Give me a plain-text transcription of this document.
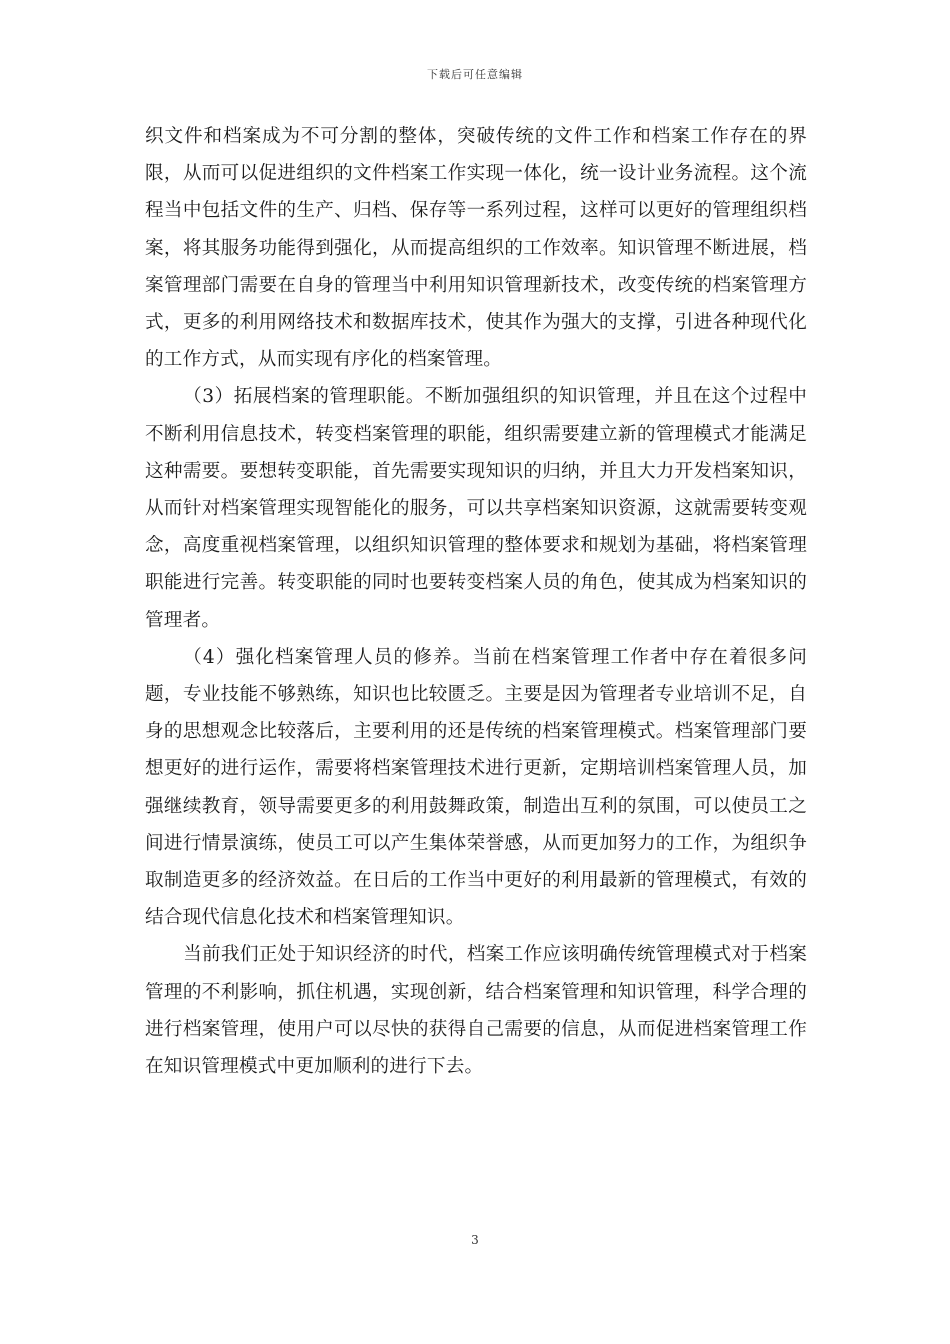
下载后可任意编辑

织文件和档案成为不可分割的整体，突破传统的文件工作和档案工作存在的界限，从而可以促进组织的文件档案工作实现一体化，统一设计业务流程。这个流程当中包括文件的生产、归档、保存等一系列过程，这样可以更好的管理组织档案，将其服务功能得到强化，从而提高组织的工作效率。知识管理不断进展，档案管理部门需要在自身的管理当中利用知识管理新技术，改变传统的档案管理方式，更多的利用网络技术和数据库技术，使其作为强大的支撑，引进各种现代化的工作方式，从而实现有序化的档案管理。

（3）拓展档案的管理职能。不断加强组织的知识管理，并且在这个过程中不断利用信息技术，转变档案管理的职能，组织需要建立新的管理模式才能满足这种需要。要想转变职能，首先需要实现知识的归纳，并且大力开发档案知识，从而针对档案管理实现智能化的服务，可以共享档案知识资源，这就需要转变观念，高度重视档案管理，以组织知识管理的整体要求和规划为基础，将档案管理职能进行完善。转变职能的同时也要转变档案人员的角色，使其成为档案知识的管理者。

（4）强化档案管理人员的修养。当前在档案管理工作者中存在着很多问题，专业技能不够熟练，知识也比较匮乏。主要是因为管理者专业培训不足，自身的思想观念比较落后，主要利用的还是传统的档案管理模式。档案管理部门要想更好的进行运作，需要将档案管理技术进行更新，定期培训档案管理人员，加强继续教育，领导需要更多的利用鼓舞政策，制造出互利的氛围，可以使员工之间进行情景演练，使员工可以产生集体荣誉感，从而更加努力的工作，为组织争取制造更多的经济效益。在日后的工作当中更好的利用最新的管理模式，有效的结合现代信息化技术和档案管理知识。

当前我们正处于知识经济的时代，档案工作应该明确传统管理模式对于档案管理的不利影响，抓住机遇，实现创新，结合档案管理和知识管理，科学合理的进行档案管理，使用户可以尽快的获得自己需要的信息，从而促进档案管理工作在知识管理模式中更加顺利的进行下去。

3
